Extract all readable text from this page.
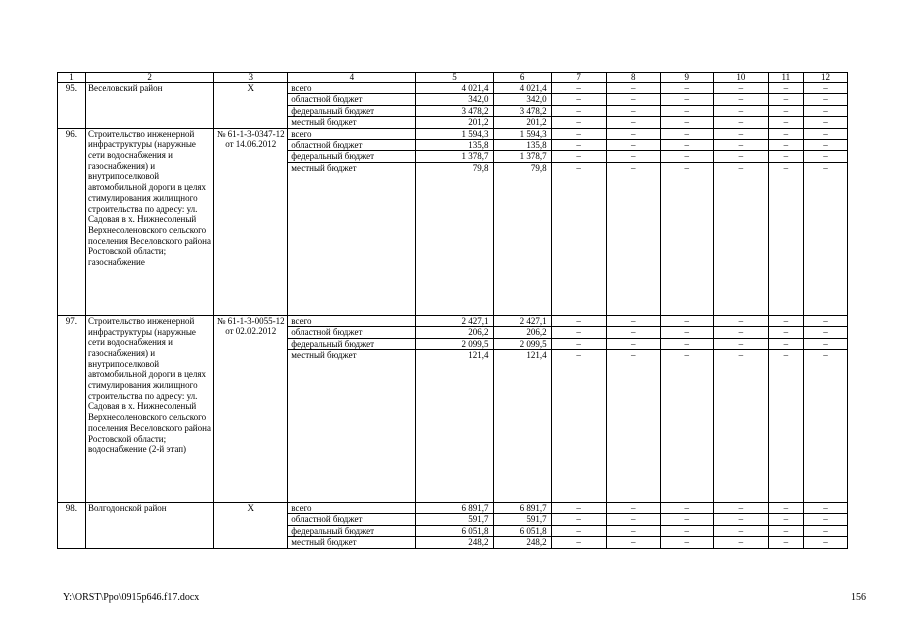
1	2	3	4	5	6	7	8	9	10	11	12
95.	Веселовский район	Х	всего	4 021,4	4 021,4	–	–	–	–	–	–
			областной бюджет	342,0	342,0	–	–	–	–	–	–
			федеральный бюджет	3 478,2	3 478,2	–	–	–	–	–	–
			местный бюджет	201,2	201,2	–	–	–	–	–	–
96.	Строительство инженерной инфраструктуры (наружные сети водоснабжения и газоснабжения) и внутрипоселковой автомобильной дороги в целях стимулирования жилищного строительства по адресу: ул. Садовая в х. Нижнесоленый Верхнесоленовского сельского поселения Веселовского района Ростовской области; газоснабжение	№ 61-1-3-0347-12 от 14.06.2012	всего	1 594,3	1 594,3	–	–	–	–	–	–
			областной бюджет	135,8	135,8	–	–	–	–	–	–
			федеральный бюджет	1 378,7	1 378,7	–	–	–	–	–	–
			местный бюджет	79,8	79,8	–	–	–	–	–	–
97.	Строительство инженерной инфраструктуры (наружные сети водоснабжения и газоснабжения) и внутрипоселковой автомобильной дороги в целях стимулирования жилищного строительства по адресу: ул. Садовая в х. Нижнесоленый Верхнесоленовского сельского поселения Веселовского района Ростовской области; водоснабжение (2-й этап)	№ 61-1-3-0055-12 от 02.02.2012	всего	2 427,1	2 427,1	–	–	–	–	–	–
			областной бюджет	206,2	206,2	–	–	–	–	–	–
			федеральный бюджет	2 099,5	2 099,5	–	–	–	–	–	–
			местный бюджет	121,4	121,4	–	–	–	–	–	–
98.	Волгодонской район	Х	всего	6 891,7	6 891,7	–	–	–	–	–	–
			областной бюджет	591,7	591,7	–	–	–	–	–	–
			федеральный бюджет	6 051,8	6 051,8	–	–	–	–	–	–
			местный бюджет	248,2	248,2	–	–	–	–	–	–
Y:\ORST\Ppo\0915p646.f17.docx	156
